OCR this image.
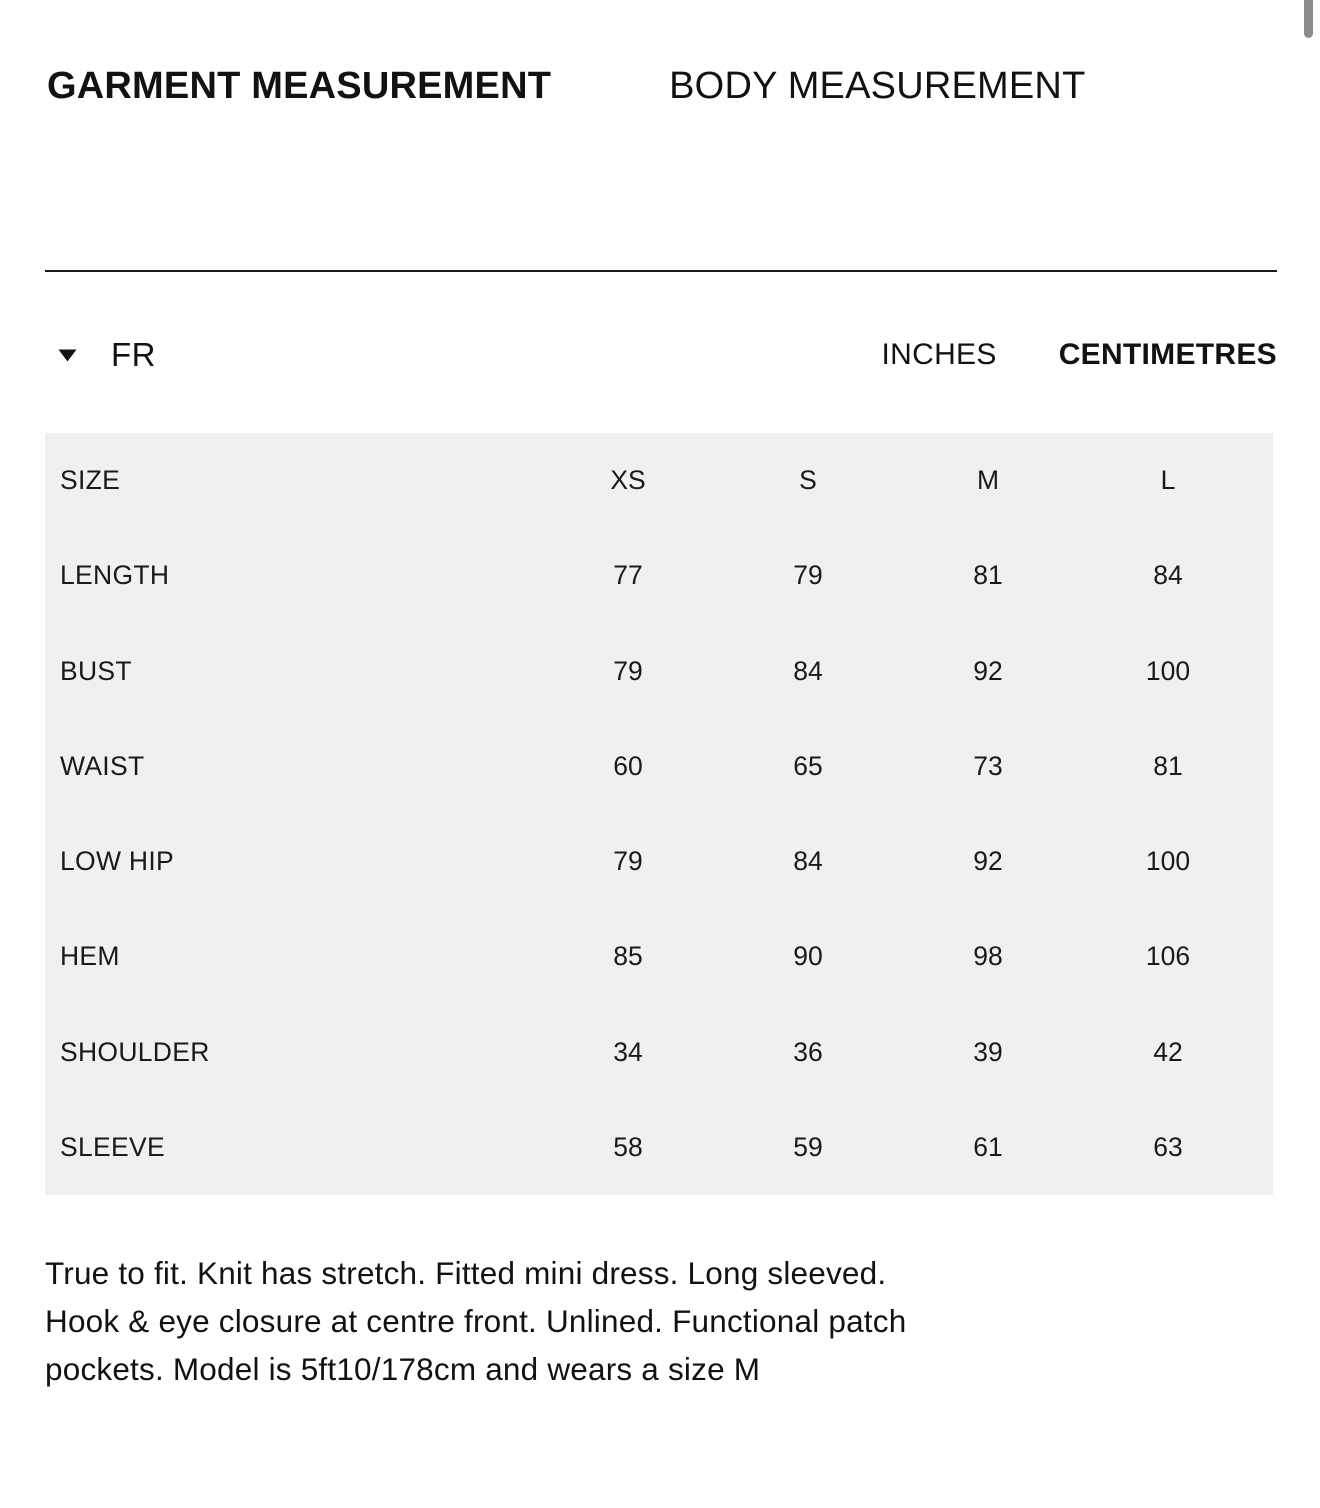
GARMENT MEASUREMENT	BODY MEASUREMENT
FR	INCHES CENTIMETRES
SIZE	XS	S	M	L
LENGTH	77	79	81	84
BUST	79	84	92	100
WAIST	60	65	73	81
LOW HIP	79	84	92	100
HEM	85	90	98	106
SHOULDER	34	36	39	42
SLEEVE	58	59	61	63
True to fit. Knit has stretch. Fitted mini dress. Long sleeved.
Hook & eye closure at centre front. Unlined. Functional patch
pockets. Model is 5ft10/178cm and wears a size M
